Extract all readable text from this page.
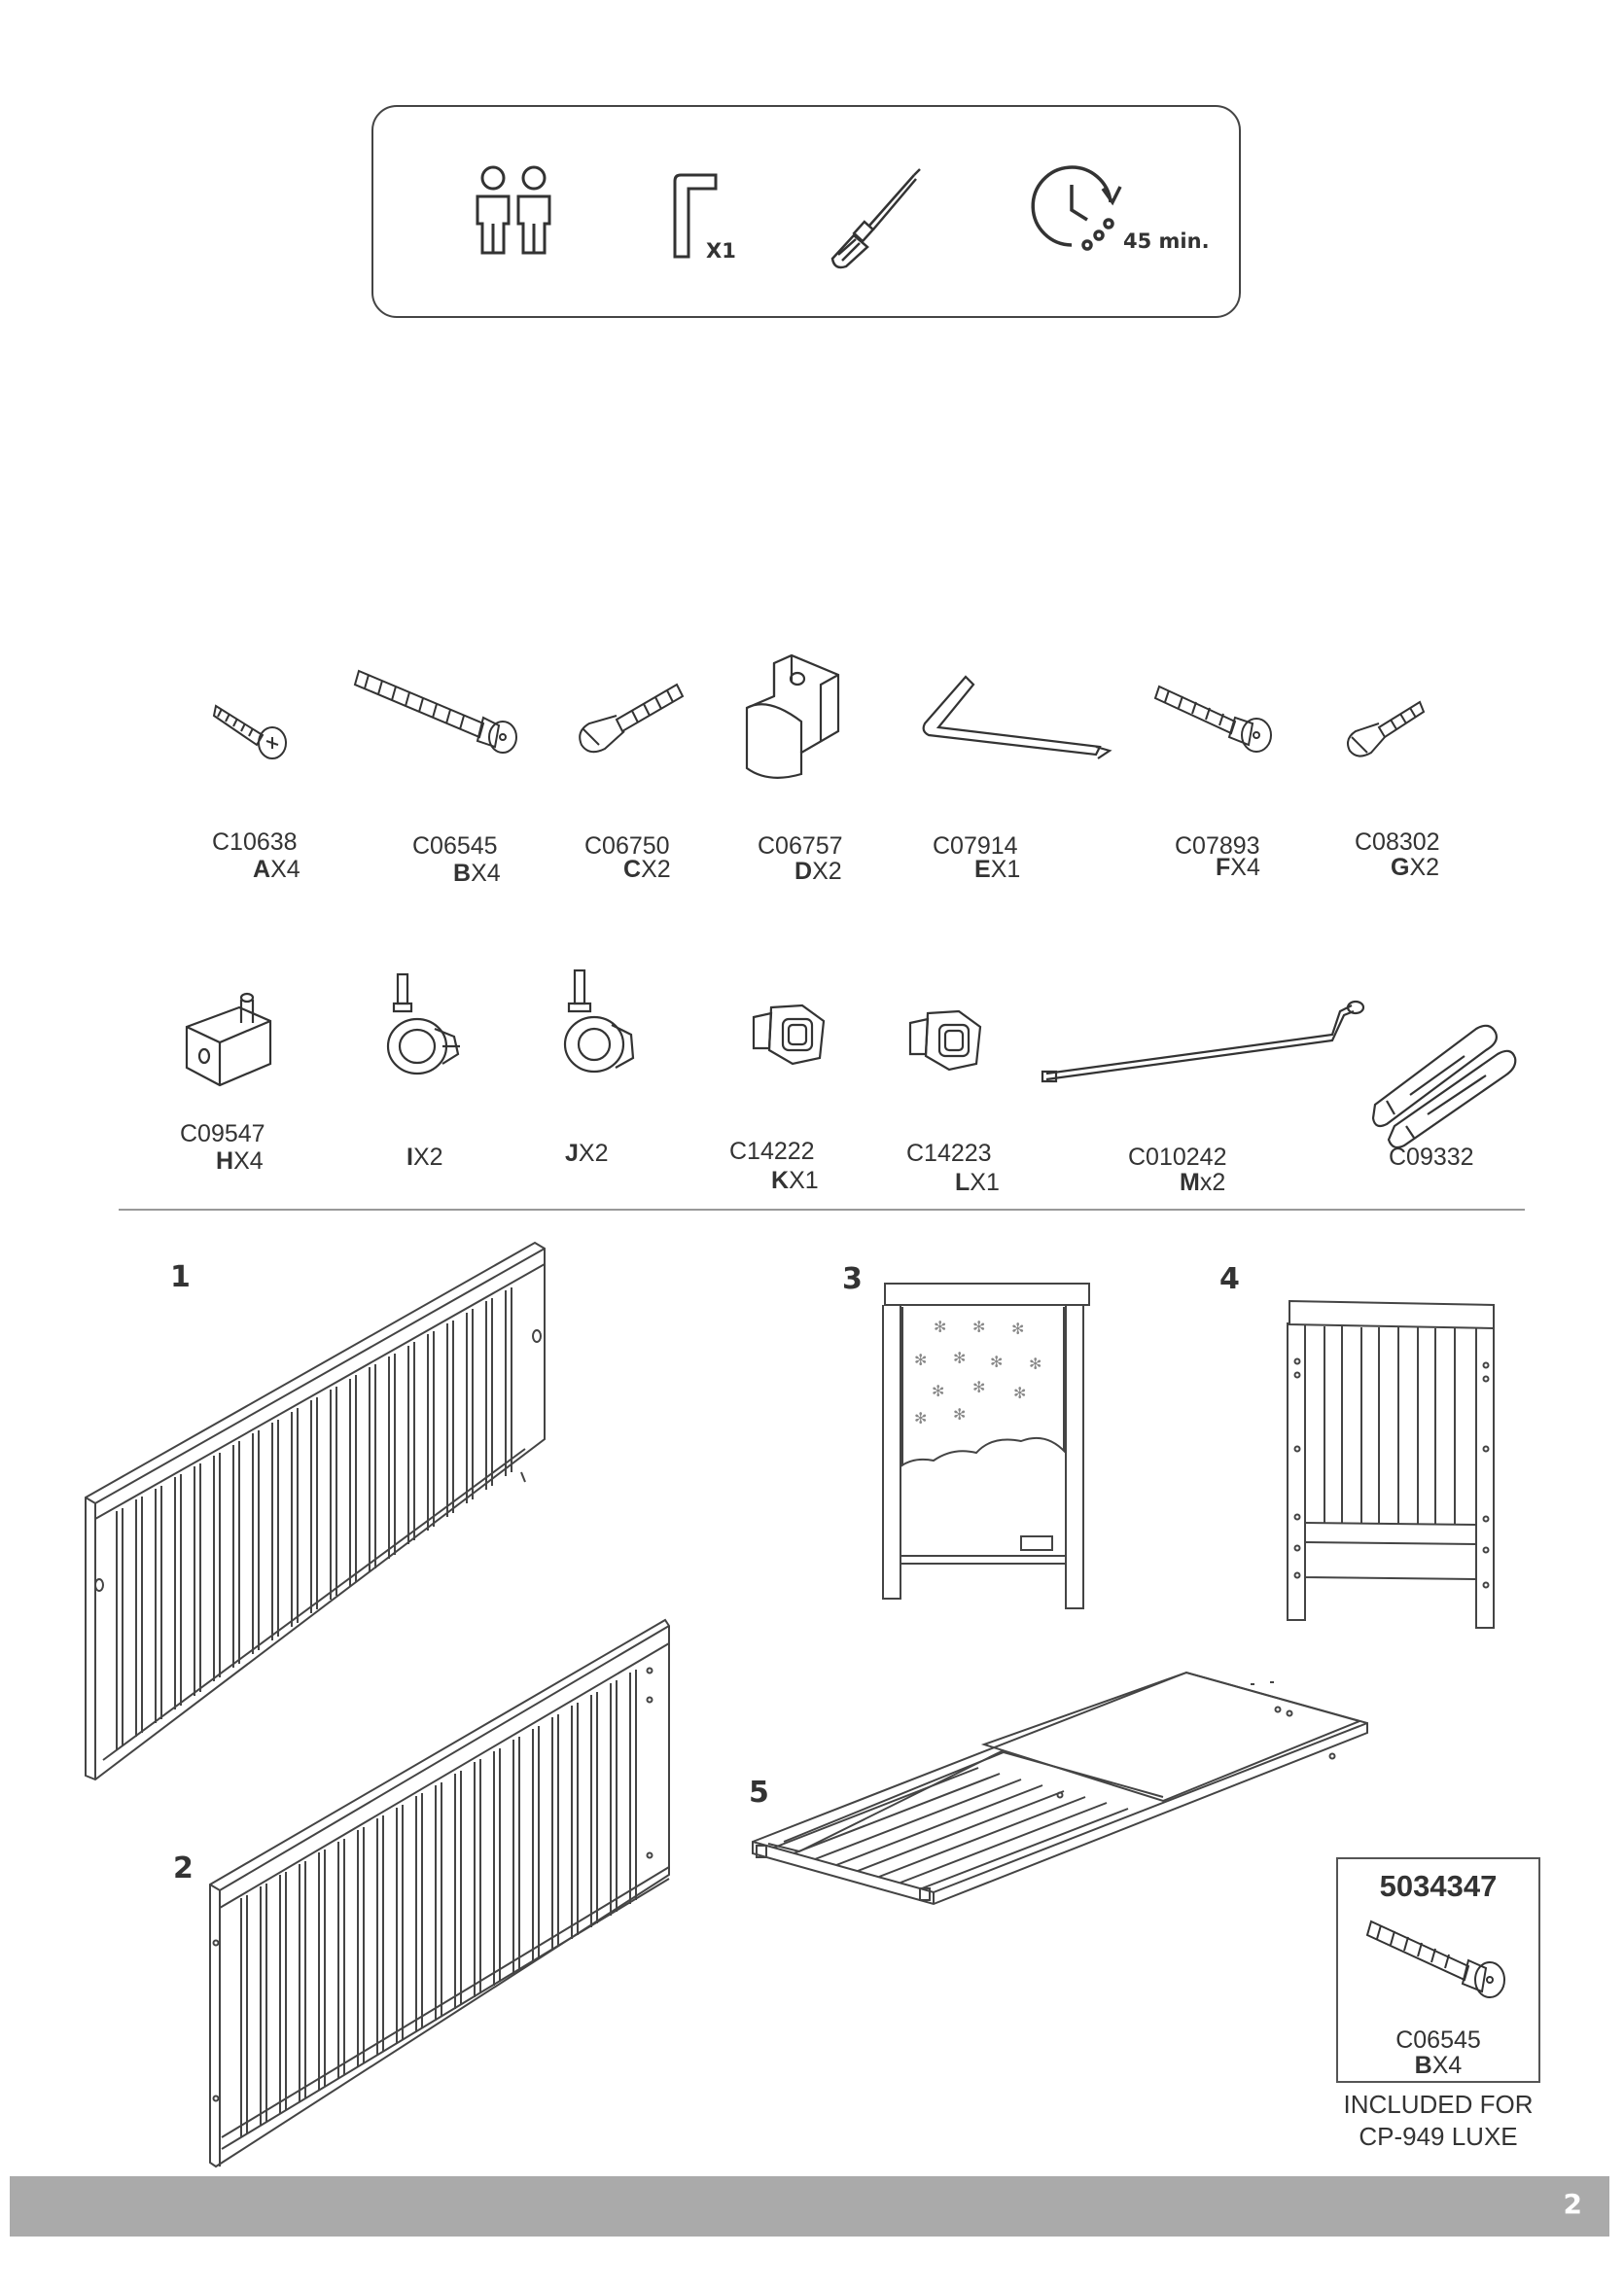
X1	45 min.
C10638
AX4
C06545
BX4
C06750
CX2
C06757
DX2
C07914
EX1
C07893
FX4
C08302
GX2
C09547
HX4	IX2	JX2	C14222
KX1
C14223
LX1
C010242
Mx2
C09332
1
2
3	4
5
✻ ✻ ✻
✻ ✻ ✻ ✻
✻ ✻ ✻
✻ ✻
5034347
C06545
BX4
INCLUDED FOR
CP-949 LUXE
2
